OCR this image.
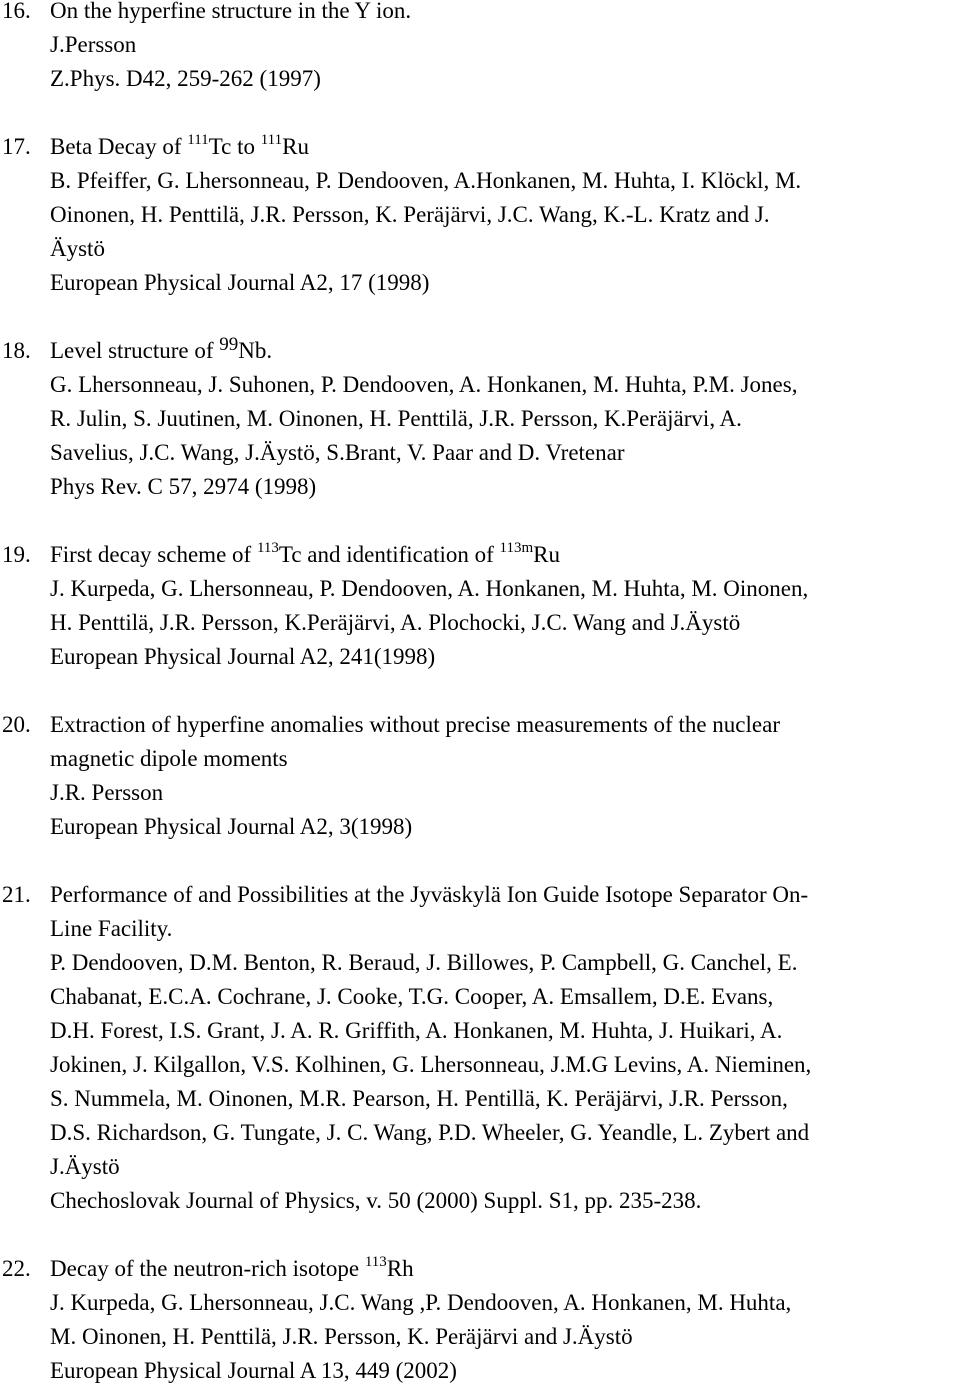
16. On the hyperfine structure in the Y ion.
J.Persson
Z.Phys. D42, 259-262 (1997)
17. Beta Decay of $^{111}$Tc to $^{111}$Ru
B. Pfeiffer, G. Lhersonneau, P. Dendooven, A.Honkanen, M. Huhta, I. Klöckl, M.
Oinonen, H. Penttilä, J.R. Persson, K. Peräjärvi, J.C. Wang, K.-L. Kratz and J.
Äystö
European Physical Journal A2, 17 (1998)
18. Level structure of $^{99}$Nb.
G. Lhersonneau, J. Suhonen, P. Dendooven, A. Honkanen, M. Huhta, P.M. Jones,
R. Julin, S. Juutinen, M. Oinonen, H. Penttilä, J.R. Persson, K.Peräjärvi, A.
Savelius, J.C. Wang, J.Äystö, S.Brant, V. Paar and D. Vretenar
Phys Rev. C 57, 2974 (1998)
19. First decay scheme of $^{113}$Tc and identification of $^{113m}$Ru
J. Kurpeda, G. Lhersonneau, P. Dendooven, A. Honkanen, M. Huhta, M. Oinonen,
H. Penttilä, J.R. Persson, K.Peräjärvi, A. Plochocki, J.C. Wang and J.Äystö
European Physical Journal A2, 241(1998)
20. Extraction of hyperfine anomalies without precise measurements of the nuclear
magnetic dipole moments
J.R. Persson
European Physical Journal A2, 3(1998)
21. Performance of and Possibilities at the Jyväskylä Ion Guide Isotope Separator On-
Line Facility.
P. Dendooven, D.M. Benton, R. Beraud, J. Billowes, P. Campbell, G. Canchel, E.
Chabanat, E.C.A. Cochrane, J. Cooke, T.G. Cooper, A. Emsallem, D.E. Evans,
D.H. Forest, I.S. Grant, J. A. R. Griffith, A. Honkanen, M. Huhta, J. Huikari, A.
Jokinen, J. Kilgallon, V.S. Kolhinen, G. Lhersonneau, J.M.G Levins, A. Nieminen,
S. Nummela, M. Oinonen, M.R. Pearson, H. Pentillä, K. Peräjärvi, J.R. Persson,
D.S. Richardson, G. Tungate, J. C. Wang, P.D. Wheeler, G. Yeandle, L. Zybert and
J.Äystö
Chechoslovak Journal of Physics, v. 50 (2000) Suppl. S1, pp. 235-238.
22. Decay of the neutron-rich isotope $^{113}$Rh
J. Kurpeda, G. Lhersonneau, J.C. Wang ,P. Dendooven, A. Honkanen, M. Huhta,
M. Oinonen, H. Penttilä, J.R. Persson, K. Peräjärvi and J.Äystö
European Physical Journal A 13, 449 (2002)
